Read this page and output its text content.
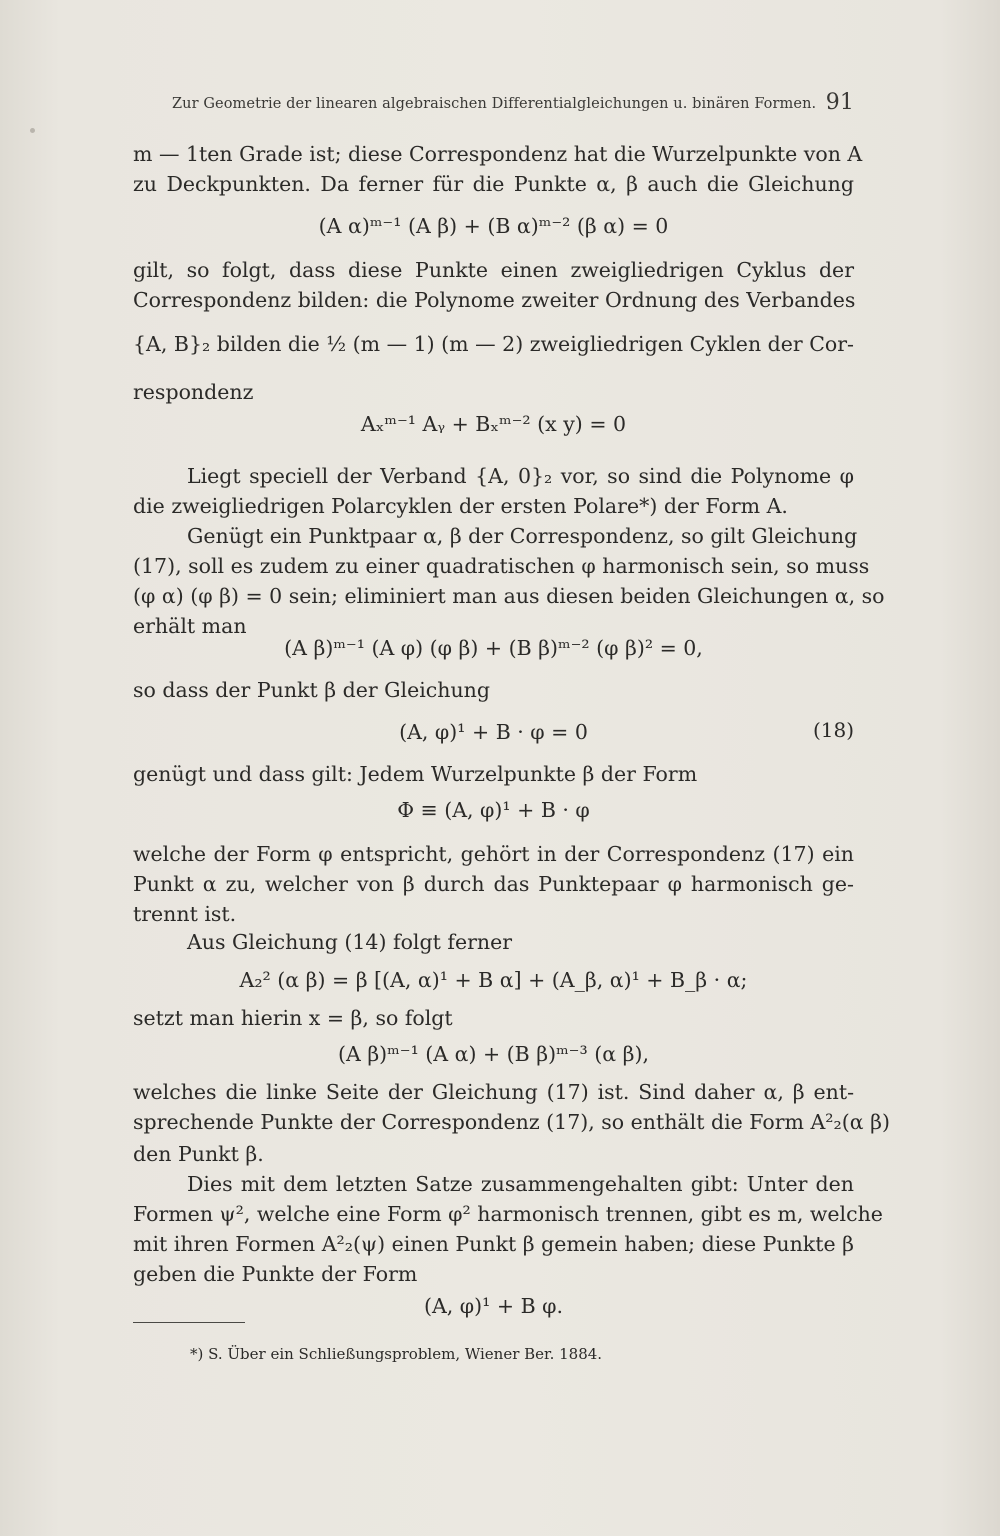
Zur Geometrie der linearen algebraischen Differentialgleichungen u. binären Formen. 91
m — 1ten Grade ist; diese Correspondenz hat die Wurzelpunkte von A
zu Deckpunkten. Da ferner für die Punkte α, β auch die Gleichung
(A α)ᵐ⁻¹ (A β) + (B α)ᵐ⁻² (β α) = 0
gilt, so folgt, dass diese Punkte einen zweigliedrigen Cyklus der
Correspondenz bilden: die Polynome zweiter Ordnung des Verbandes
{A, B}₂ bilden die ½ (m — 1) (m — 2) zweigliedrigen Cyklen der Cor-
respondenz
Aₓᵐ⁻¹ Aᵧ + Bₓᵐ⁻² (x y) = 0
Liegt speciell der Verband {A, 0}₂ vor, so sind die Polynome φ
die zweigliedrigen Polarcyklen der ersten Polare*) der Form A.
Genügt ein Punktpaar α, β der Correspondenz, so gilt Gleichung
(17), soll es zudem zu einer quadratischen φ harmonisch sein, so muss
(φ α) (φ β) = 0 sein; eliminiert man aus diesen beiden Gleichungen α, so
erhält man
(A β)ᵐ⁻¹ (A φ) (φ β) + (B β)ᵐ⁻² (φ β)² = 0,
so dass der Punkt β der Gleichung
(A, φ)¹ + B · φ = 0	(18)
genügt und dass gilt: Jedem Wurzelpunkte β der Form
Φ ≡ (A, φ)¹ + B · φ
welche der Form φ entspricht, gehört in der Correspondenz (17) ein
Punkt α zu, welcher von β durch das Punktepaar φ harmonisch ge-
trennt ist.
Aus Gleichung (14) folgt ferner
A₂² (α β) = β [(A, α)¹ + B α] + (A_β, α)¹ + B_β · α;
setzt man hierin x = β, so folgt
(A β)ᵐ⁻¹ (A α) + (B β)ᵐ⁻³ (α β),
welches die linke Seite der Gleichung (17) ist. Sind daher α, β ent-
sprechende Punkte der Correspondenz (17), so enthält die Form A²₂(α β)
den Punkt β.
Dies mit dem letzten Satze zusammengehalten gibt: Unter den
Formen ψ², welche eine Form φ² harmonisch trennen, gibt es m, welche
mit ihren Formen A²₂(ψ) einen Punkt β gemein haben; diese Punkte β
geben die Punkte der Form
(A, φ)¹ + B φ.
*) S. Über ein Schließungsproblem, Wiener Ber. 1884.
